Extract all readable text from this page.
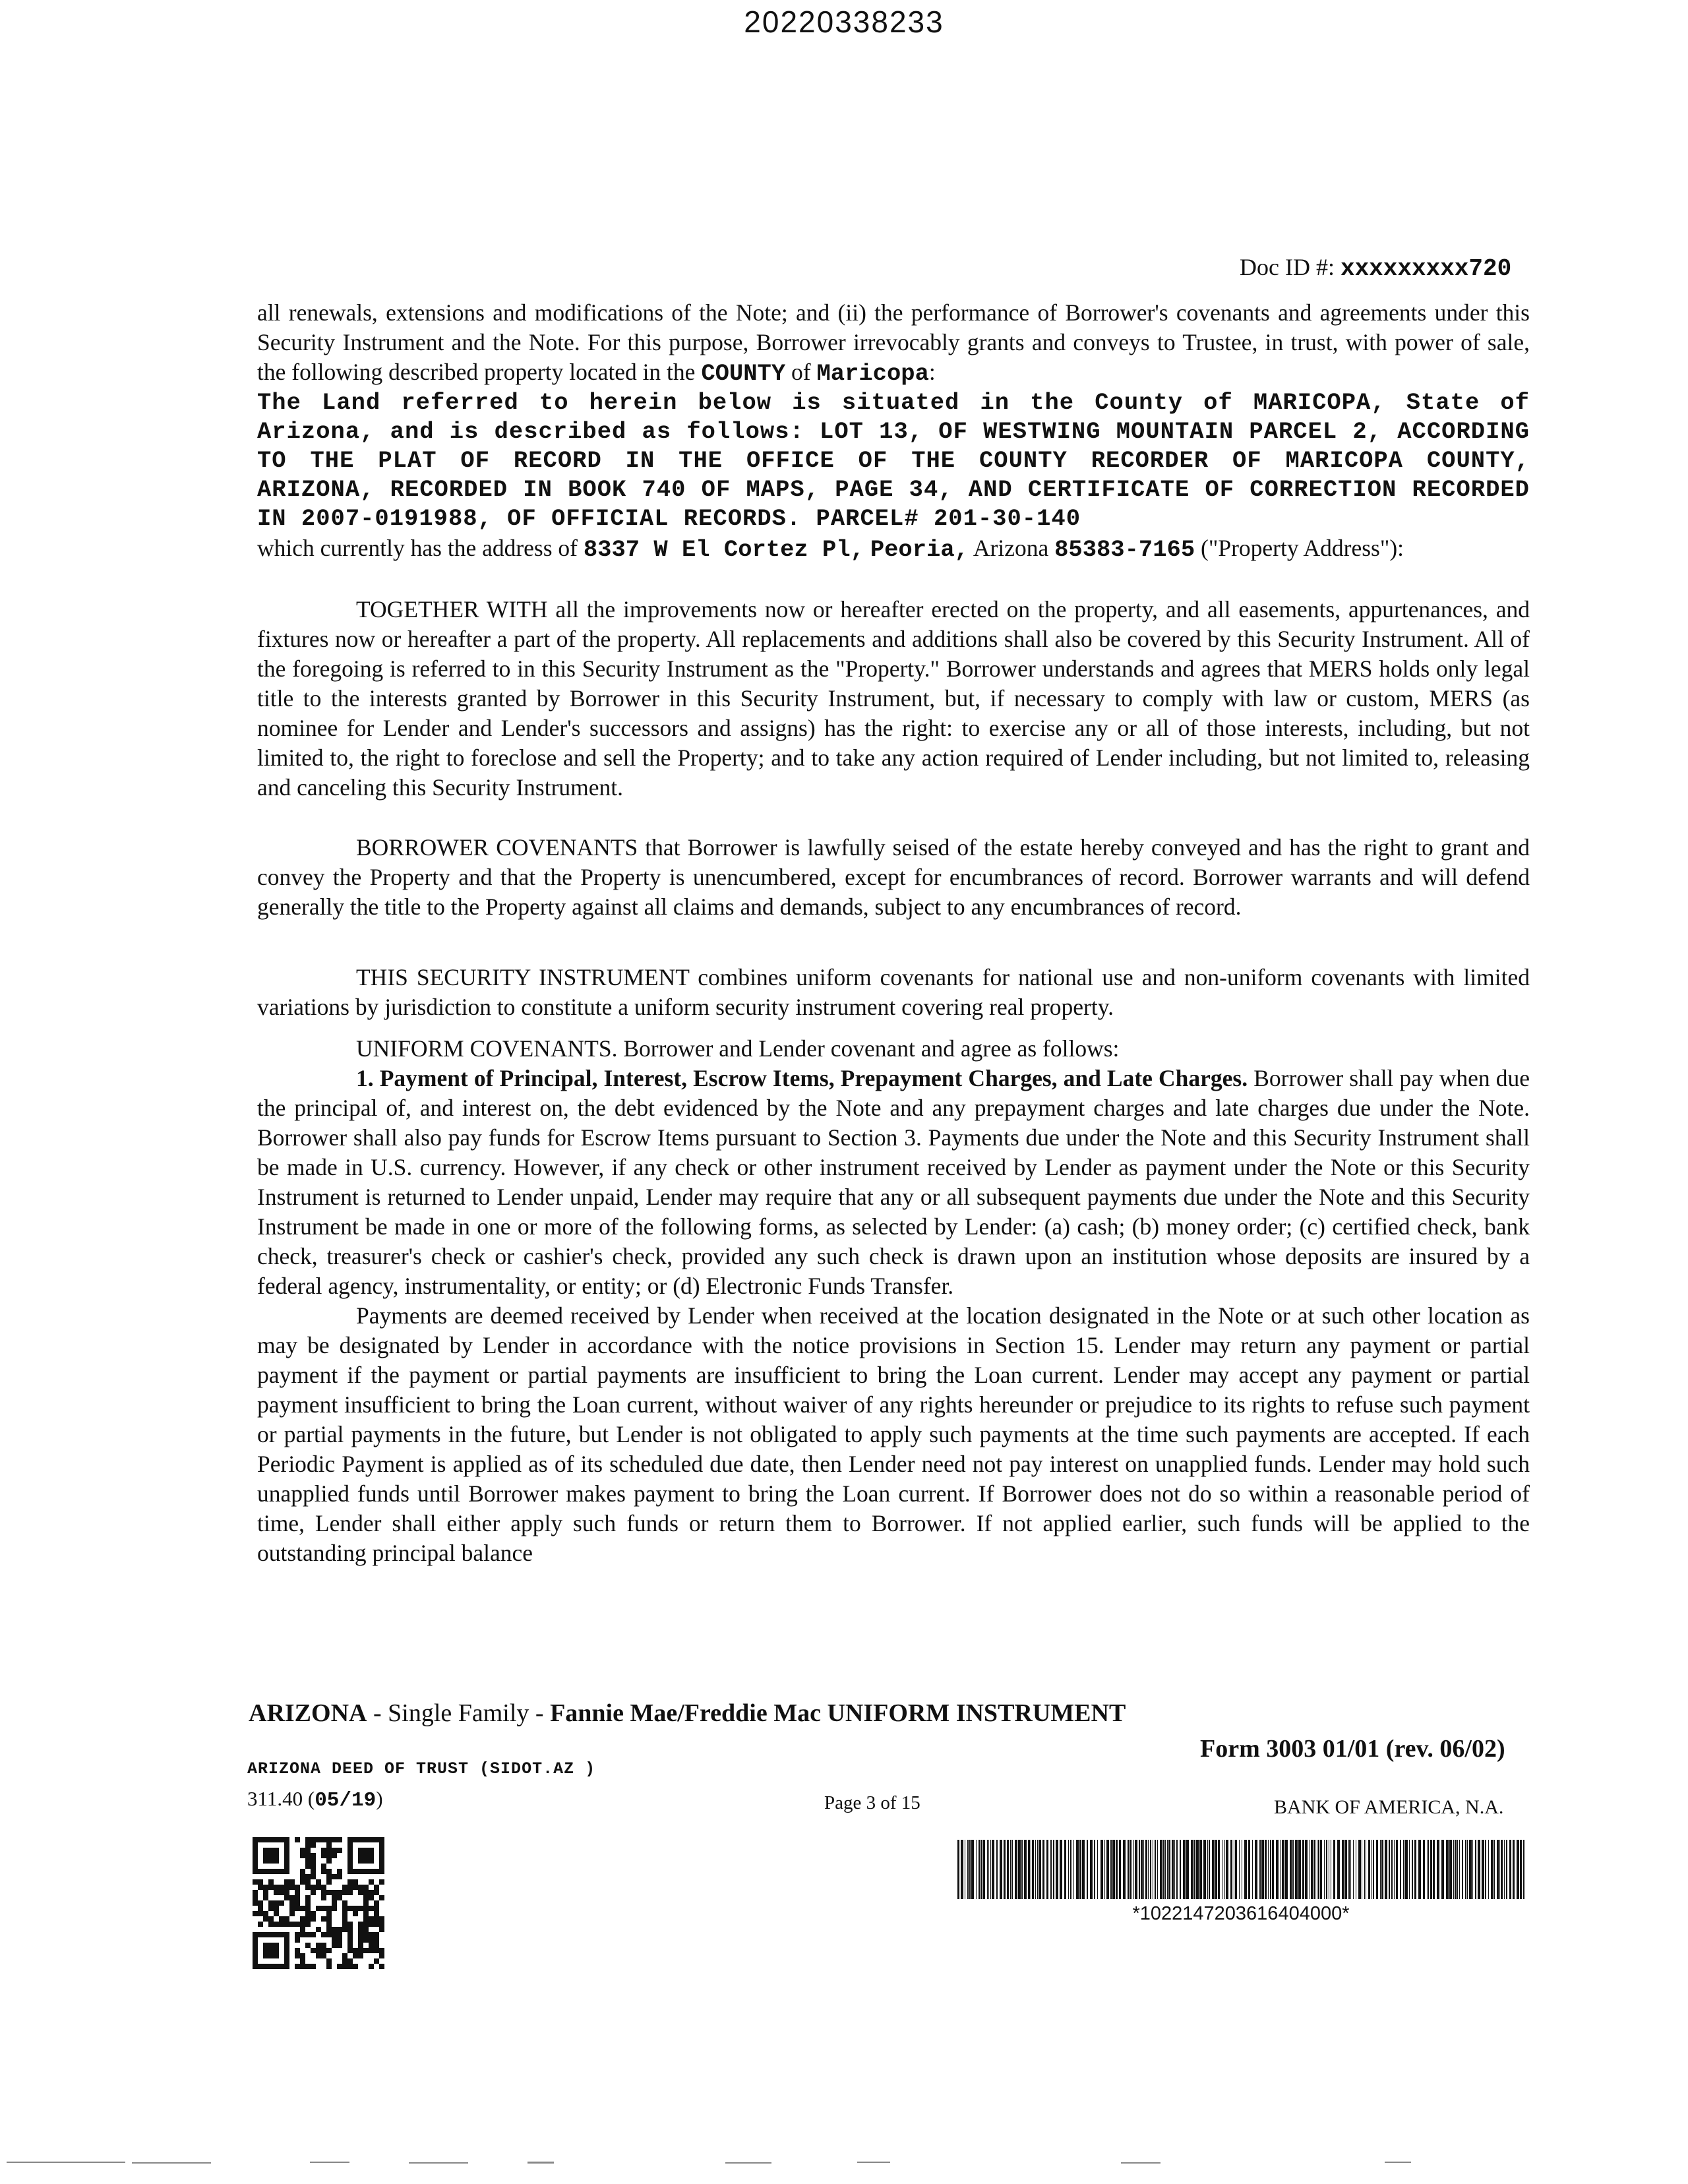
20220338233
Doc ID #: xxxxxxxxx720

all renewals, extensions and modifications of the Note; and (ii) the performance of Borrower's covenants and agreements under this Security Instrument and the Note. For this purpose, Borrower irrevocably grants and conveys to Trustee, in trust, with power of sale, the following described property located in the COUNTY of Maricopa:

The Land referred to herein below is situated in the County of MARICOPA, State of Arizona, and is described as follows: LOT 13, OF WESTWING MOUNTAIN PARCEL 2, ACCORDING TO THE PLAT OF RECORD IN THE OFFICE OF THE COUNTY RECORDER OF MARICOPA COUNTY, ARIZONA, RECORDED IN BOOK 740 OF MAPS, PAGE 34, AND CERTIFICATE OF CORRECTION RECORDED IN 2007-0191988, OF OFFICIAL RECORDS. PARCEL# 201-30-140

which currently has the address of 8337 W El Cortez Pl, Peoria, Arizona 85383-7165 ("Property Address"):

TOGETHER WITH all the improvements now or hereafter erected on the property, and all easements, appurtenances, and fixtures now or hereafter a part of the property. All replacements and additions shall also be covered by this Security Instrument. All of the foregoing is referred to in this Security Instrument as the "Property." Borrower understands and agrees that MERS holds only legal title to the interests granted by Borrower in this Security Instrument, but, if necessary to comply with law or custom, MERS (as nominee for Lender and Lender's successors and assigns) has the right: to exercise any or all of those interests, including, but not limited to, the right to foreclose and sell the Property; and to take any action required of Lender including, but not limited to, releasing and canceling this Security Instrument.

BORROWER COVENANTS that Borrower is lawfully seised of the estate hereby conveyed and has the right to grant and convey the Property and that the Property is unencumbered, except for encumbrances of record. Borrower warrants and will defend generally the title to the Property against all claims and demands, subject to any encumbrances of record.

THIS SECURITY INSTRUMENT combines uniform covenants for national use and non-uniform covenants with limited variations by jurisdiction to constitute a uniform security instrument covering real property.

UNIFORM COVENANTS. Borrower and Lender covenant and agree as follows:

1. Payment of Principal, Interest, Escrow Items, Prepayment Charges, and Late Charges. Borrower shall pay when due the principal of, and interest on, the debt evidenced by the Note and any prepayment charges and late charges due under the Note. Borrower shall also pay funds for Escrow Items pursuant to Section 3. Payments due under the Note and this Security Instrument shall be made in U.S. currency. However, if any check or other instrument received by Lender as payment under the Note or this Security Instrument is returned to Lender unpaid, Lender may require that any or all subsequent payments due under the Note and this Security Instrument be made in one or more of the following forms, as selected by Lender: (a) cash; (b) money order; (c) certified check, bank check, treasurer's check or cashier's check, provided any such check is drawn upon an institution whose deposits are insured by a federal agency, instrumentality, or entity; or (d) Electronic Funds Transfer.

Payments are deemed received by Lender when received at the location designated in the Note or at such other location as may be designated by Lender in accordance with the notice provisions in Section 15. Lender may return any payment or partial payment if the payment or partial payments are insufficient to bring the Loan current. Lender may accept any payment or partial payment insufficient to bring the Loan current, without waiver of any rights hereunder or prejudice to its rights to refuse such payment or partial payments in the future, but Lender is not obligated to apply such payments at the time such payments are accepted. If each Periodic Payment is applied as of its scheduled due date, then Lender need not pay interest on unapplied funds. Lender may hold such unapplied funds until Borrower makes payment to bring the Loan current. If Borrower does not do so within a reasonable period of time, Lender shall either apply such funds or return them to Borrower. If not applied earlier, such funds will be applied to the outstanding principal balance

ARIZONA - Single Family - Fannie Mae/Freddie Mac UNIFORM INSTRUMENT
Form 3003 01/01 (rev. 06/02)
ARIZONA DEED OF TRUST (SIDOT.AZ )
311.40 (05/19)	Page 3 of 15	BANK OF AMERICA, N.A.
*1022147203616404000*
